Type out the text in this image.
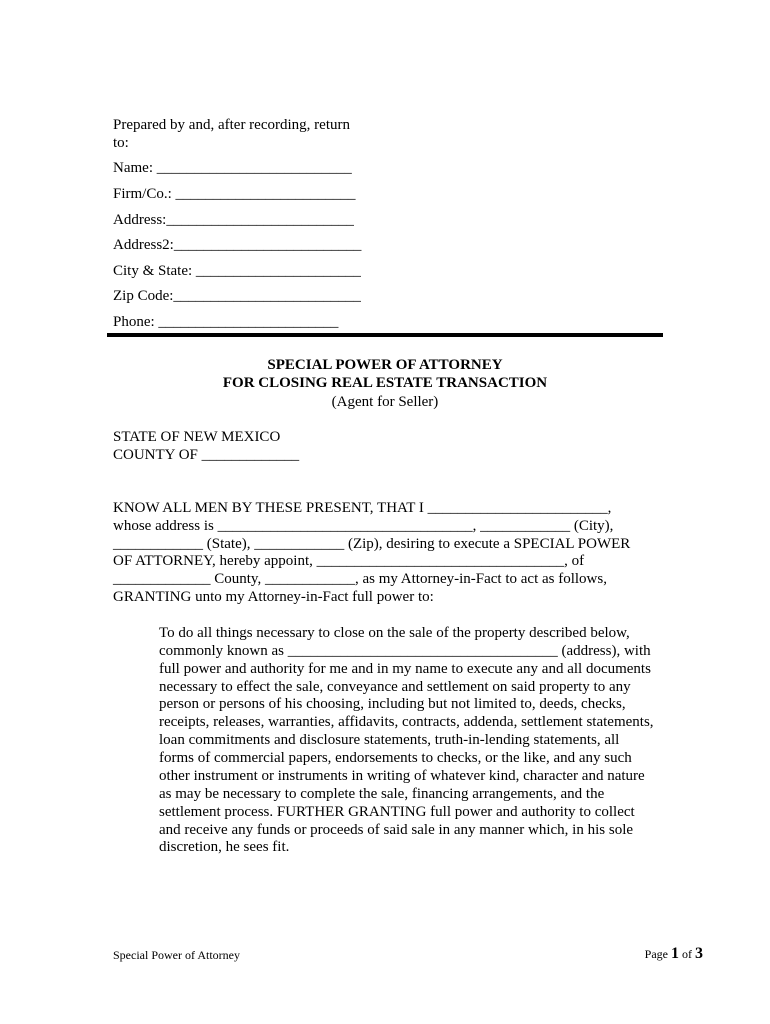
Prepared by and, after recording, return
to:
Name: __________________________
Firm/Co.: ________________________
Address:_________________________
Address2:_________________________
City & State: ______________________
Zip Code:_________________________
Phone: ________________________
SPECIAL POWER OF ATTORNEY
FOR CLOSING REAL ESTATE TRANSACTION
(Agent for Seller)
STATE OF NEW MEXICO
COUNTY OF _____________
KNOW ALL MEN BY THESE PRESENT, THAT I ________________________,
whose address is __________________________________, ____________ (City),
____________ (State), ____________ (Zip), desiring to execute a SPECIAL POWER
OF ATTORNEY, hereby appoint, _________________________________, of
_____________ County, ____________, as my Attorney-in-Fact to act as follows,
GRANTING unto my Attorney-in-Fact full power to:
To do all things necessary to close on the sale of the property described below,
commonly known as ____________________________________ (address), with
full power and authority for me and in my name to execute any and all documents
necessary to effect the sale, conveyance and settlement on said property to any
person or persons of his choosing, including but not limited to, deeds, checks,
receipts, releases, warranties, affidavits, contracts, addenda, settlement statements,
loan commitments and disclosure statements, truth-in-lending statements, all
forms of commercial papers, endorsements to checks, or the like, and any such
other instrument or instruments in writing of whatever kind, character and nature
as may be necessary to complete the sale, financing arrangements, and the
settlement process. FURTHER GRANTING full power and authority to collect
and receive any funds or proceeds of said sale in any manner which, in his sole
discretion, he sees fit.
Special Power of Attorney	Page 1 of 3
